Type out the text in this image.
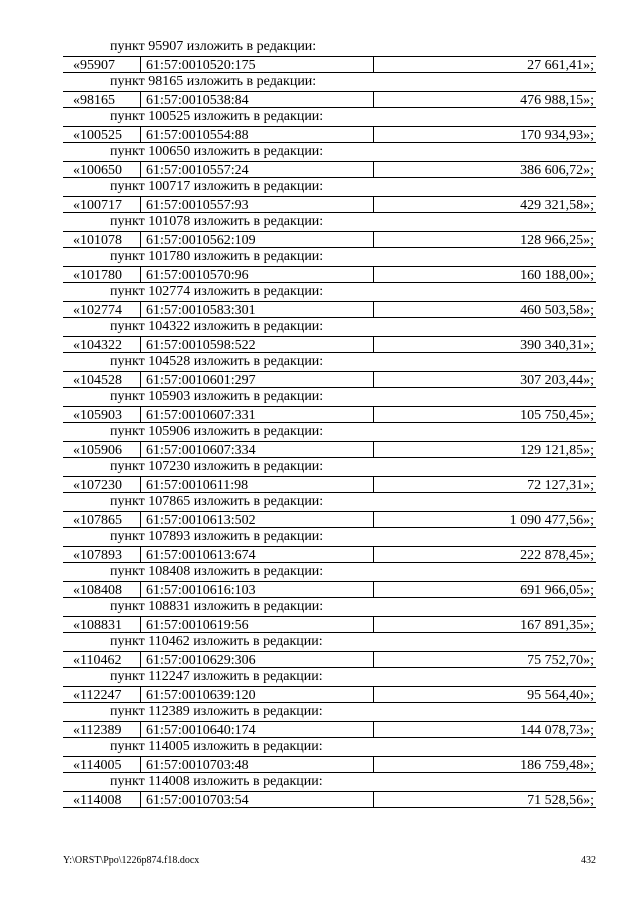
пункт 95907 изложить в редакции:
«95907	61:57:0010520:175	27 661,41»;
пункт 98165 изложить в редакции:
«98165	61:57:0010538:84	476 988,15»;
пункт 100525 изложить в редакции:
«100525	61:57:0010554:88	170 934,93»;
пункт 100650 изложить в редакции:
«100650	61:57:0010557:24	386 606,72»;
пункт 100717 изложить в редакции:
«100717	61:57:0010557:93	429 321,58»;
пункт 101078 изложить в редакции:
«101078	61:57:0010562:109	128 966,25»;
пункт 101780 изложить в редакции:
«101780	61:57:0010570:96	160 188,00»;
пункт 102774 изложить в редакции:
«102774	61:57:0010583:301	460 503,58»;
пункт 104322 изложить в редакции:
«104322	61:57:0010598:522	390 340,31»;
пункт 104528 изложить в редакции:
«104528	61:57:0010601:297	307 203,44»;
пункт 105903 изложить в редакции:
«105903	61:57:0010607:331	105 750,45»;
пункт 105906 изложить в редакции:
«105906	61:57:0010607:334	129 121,85»;
пункт 107230 изложить в редакции:
«107230	61:57:0010611:98	72 127,31»;
пункт 107865 изложить в редакции:
«107865	61:57:0010613:502	1 090 477,56»;
пункт 107893 изложить в редакции:
«107893	61:57:0010613:674	222 878,45»;
пункт 108408 изложить в редакции:
«108408	61:57:0010616:103	691 966,05»;
пункт 108831 изложить в редакции:
«108831	61:57:0010619:56	167 891,35»;
пункт 110462 изложить в редакции:
«110462	61:57:0010629:306	75 752,70»;
пункт 112247 изложить в редакции:
«112247	61:57:0010639:120	95 564,40»;
пункт 112389 изложить в редакции:
«112389	61:57:0010640:174	144 078,73»;
пункт 114005 изложить в редакции:
«114005	61:57:0010703:48	186 759,48»;
пункт 114008 изложить в редакции:
«114008	61:57:0010703:54	71 528,56»;
Y:\ORST\Ppo\1226p874.f18.docx	432
